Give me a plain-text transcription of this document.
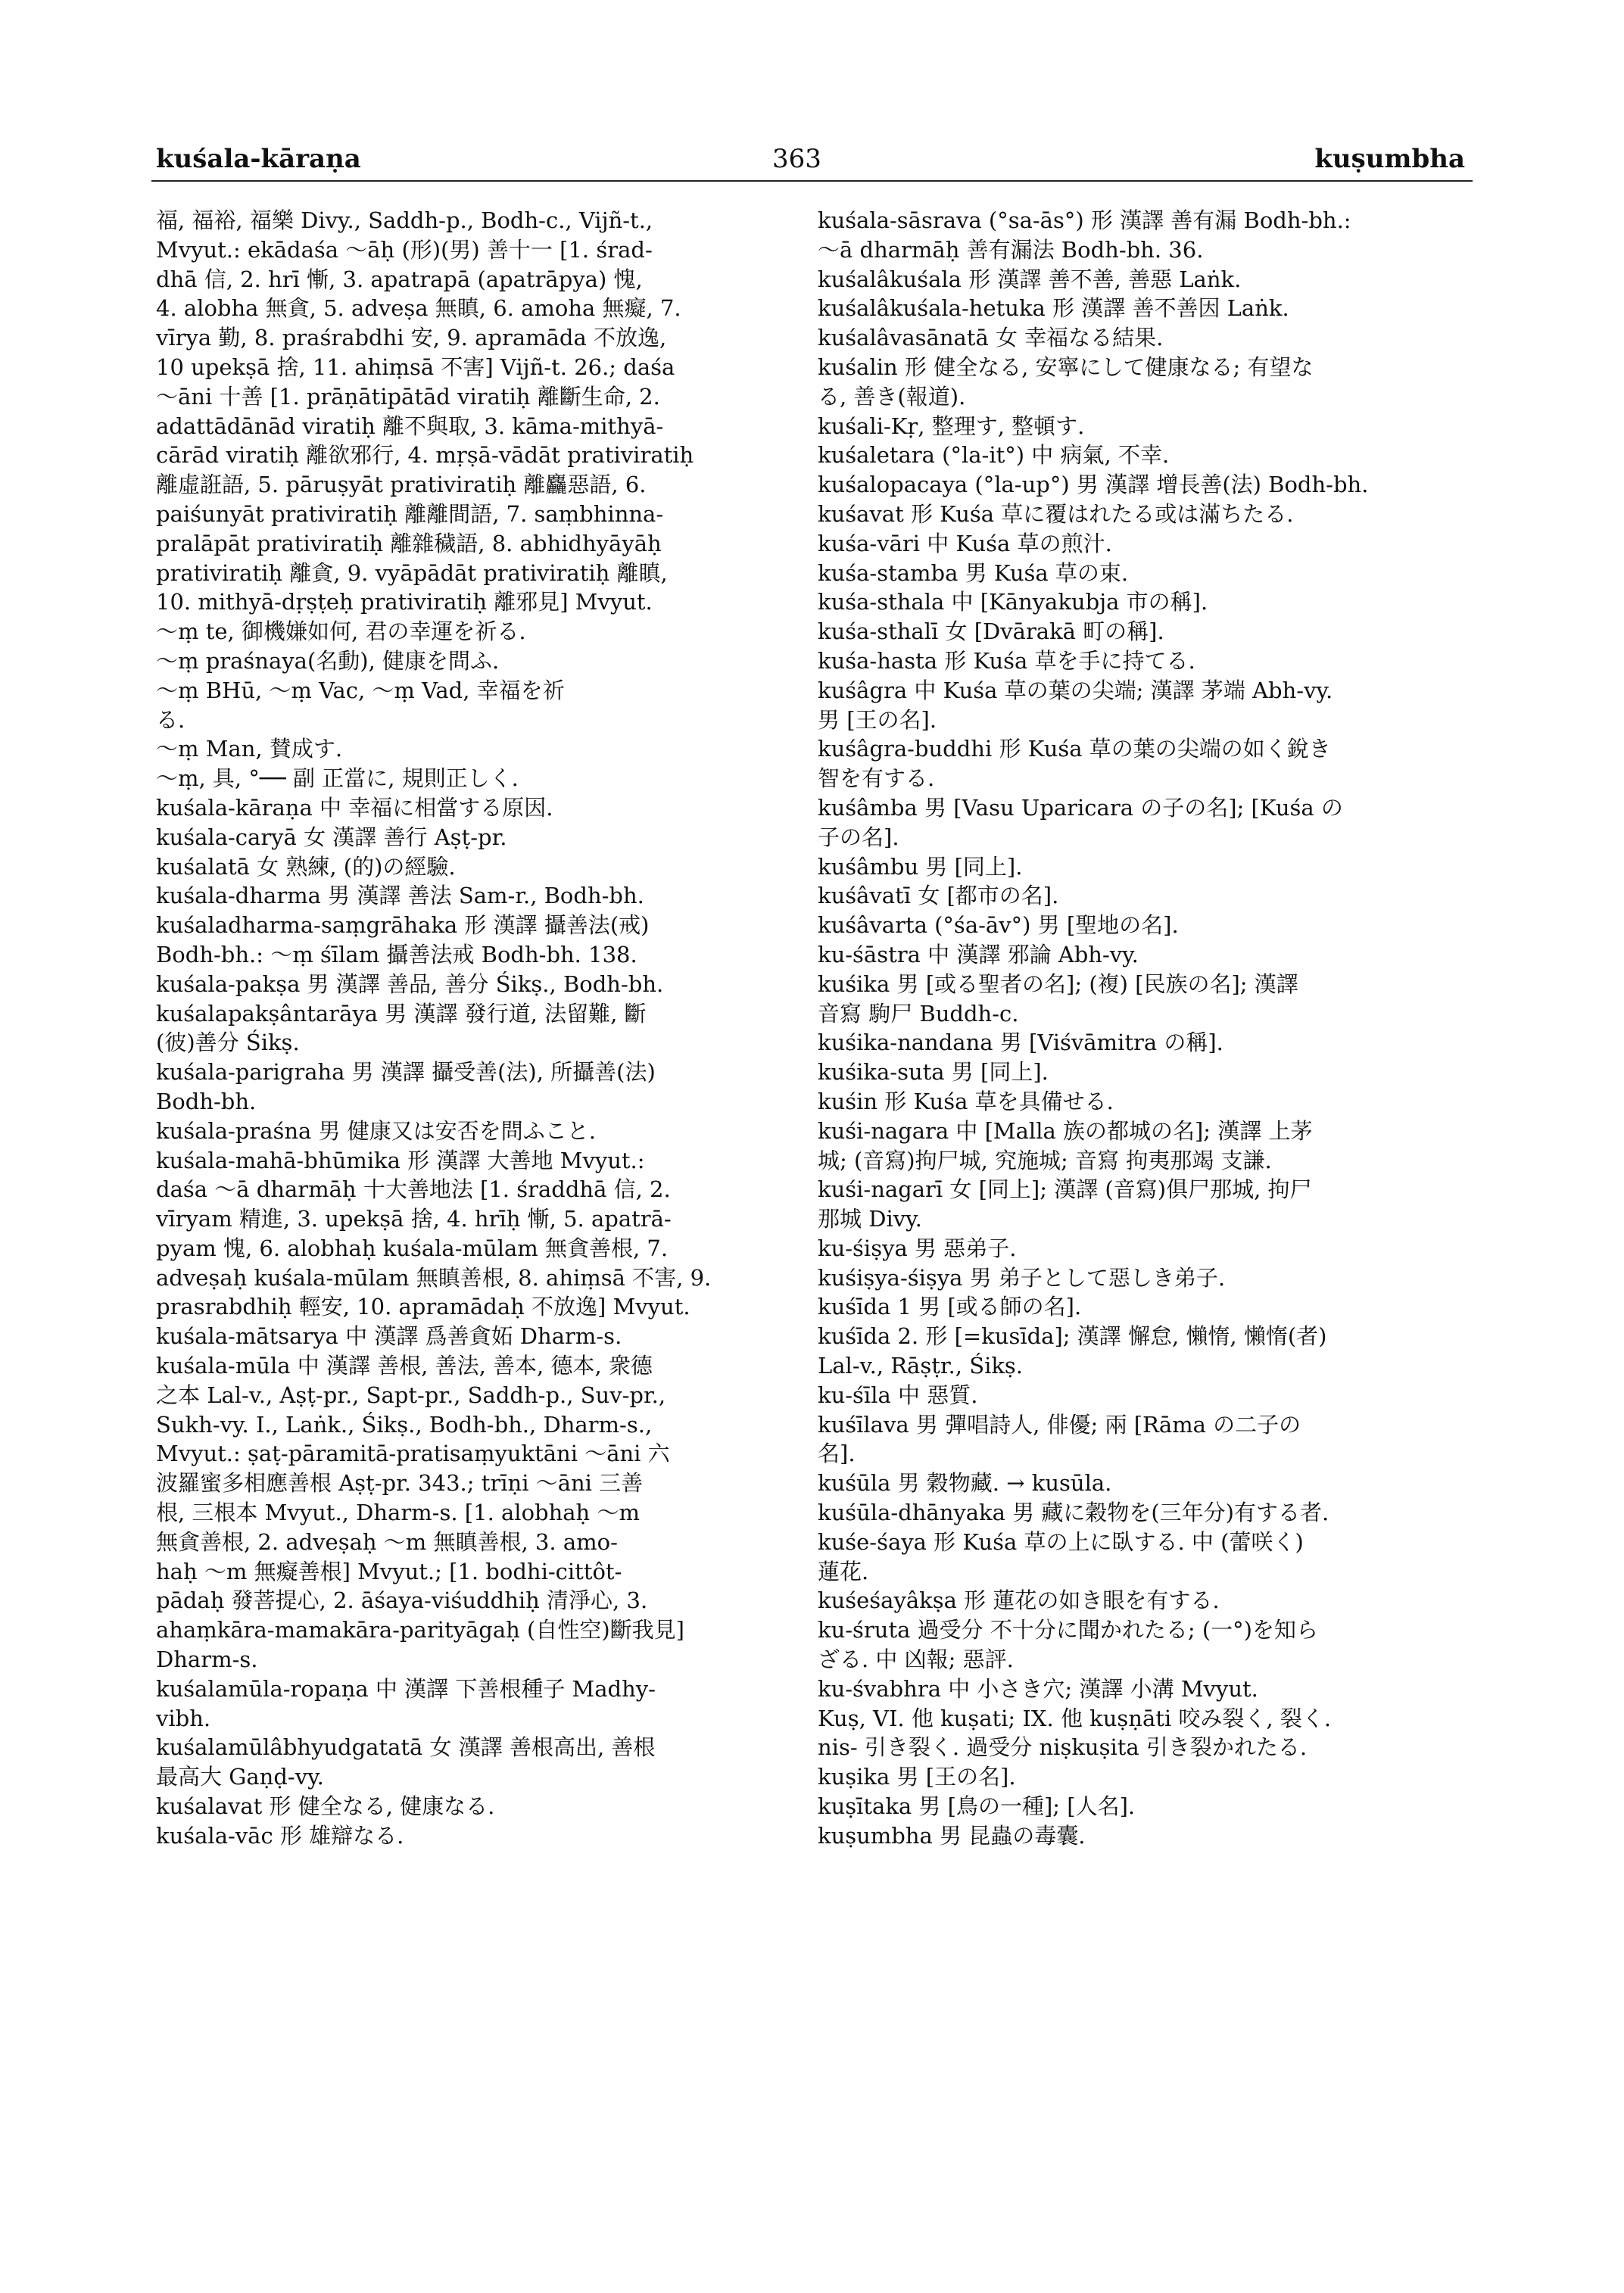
kuśala-kāraṇa	363	kuṣumbha
福, 福裕, 福樂 Divy., Saddh-p., Bodh-c., Vijñ-t.,
Mvyut.: ekādaśa ～āḥ (形)(男) 善十一 [1. śrad-
dhā 信, 2. hrī 慚, 3. apatrapā (apatrāpya) 愧,
4. alobha 無貪, 5. adveṣa 無瞋, 6. amoha 無癡, 7.
vīrya 勤, 8. praśrabdhi 安, 9. apramāda 不放逸,
10 upekṣā 捨, 11. ahiṃsā 不害] Vijñ-t. 26.; daśa
～āni 十善 [1. prāṇātipātād viratiḥ 離斷生命, 2.
adattādānād viratiḥ 離不與取, 3. kāma-mithyā-
cārād viratiḥ 離欲邪行, 4. mṛṣā-vādāt prativiratiḥ
離虛誑語, 5. pāruṣyāt prativiratiḥ 離麤惡語, 6.
paiśunyāt prativiratiḥ 離離間語, 7. saṃbhinna-
pralāpāt prativiratiḥ 離雜穢語, 8. abhidhyāyāḥ
prativiratiḥ 離貪, 9. vyāpādāt prativiratiḥ 離瞋,
10. mithyā-dṛṣṭeḥ prativiratiḥ 離邪見] Mvyut.
～ṃ te, 御機嫌如何, 君の幸運を祈る.
～ṃ praśnaya(名動), 健康を問ふ.
～ṃ BHū, ～ṃ Vac, ～ṃ Vad, 幸福を祈
る.
～ṃ Man, 賛成す.
～ṃ, 具, °── 副 正當に, 規則正しく.
kuśala-kāraṇa 中 幸福に相當する原因.
kuśala-caryā 女 漢譯 善行 Aṣṭ-pr.
kuśalatā 女 熟練, (的)の經驗.
kuśala-dharma 男 漢譯 善法 Sam-r., Bodh-bh.
kuśaladharma-saṃgrāhaka 形 漢譯 攝善法(戒)
Bodh-bh.: ～ṃ śīlam 攝善法戒 Bodh-bh. 138.
kuśala-pakṣa 男 漢譯 善品, 善分 Śikṣ., Bodh-bh.
kuśalapakṣântarāya 男 漢譯 發行道, 法留難, 斷
(彼)善分 Śikṣ.
kuśala-parigraha 男 漢譯 攝受善(法), 所攝善(法)
Bodh-bh.
kuśala-praśna 男 健康又は安否を問ふこと.
kuśala-mahā-bhūmika 形 漢譯 大善地 Mvyut.:
daśa ～ā dharmāḥ 十大善地法 [1. śraddhā 信, 2.
vīryam 精進, 3. upekṣā 捨, 4. hrīḥ 慚, 5. apatrā-
pyam 愧, 6. alobhaḥ kuśala-mūlam 無貪善根, 7.
adveṣaḥ kuśala-mūlam 無瞋善根, 8. ahiṃsā 不害, 9.
prasrabdhiḥ 輕安, 10. apramādaḥ 不放逸] Mvyut.
kuśala-mātsarya 中 漢譯 爲善貪妬 Dharm-s.
kuśala-mūla 中 漢譯 善根, 善法, 善本, 德本, 衆德
之本 Lal-v., Aṣṭ-pr., Sapt-pr., Saddh-p., Suv-pr.,
Sukh-vy. I., Laṅk., Śikṣ., Bodh-bh., Dharm-s.,
Mvyut.: ṣaṭ-pāramitā-pratisaṃyuktāni ～āni 六
波羅蜜多相應善根 Aṣṭ-pr. 343.; trīṇi ～āni 三善
根, 三根本 Mvyut., Dharm-s. [1. alobhaḥ ～m
無貪善根, 2. adveṣaḥ ～m 無瞋善根, 3. amo-
haḥ ～m 無癡善根] Mvyut.; [1. bodhi-cittôt-
pādaḥ 發菩提心, 2. āśaya-viśuddhiḥ 清淨心, 3.
ahaṃkāra-mamakāra-parityāgaḥ (自性空)斷我見]
Dharm-s.
kuśalamūla-ropaṇa 中 漢譯 下善根種子 Madhy-
vibh.
kuśalamūlâbhyudgatatā 女 漢譯 善根高出, 善根
最高大 Gaṇḍ-vy.
kuśalavat 形 健全なる, 健康なる.
kuśala-vāc 形 雄辯なる.
kuśala-sāsrava (°sa-ās°) 形 漢譯 善有漏 Bodh-bh.:
～ā dharmāḥ 善有漏法 Bodh-bh. 36.
kuśalâkuśala 形 漢譯 善不善, 善惡 Laṅk.
kuśalâkuśala-hetuka 形 漢譯 善不善因 Laṅk.
kuśalâvasānatā 女 幸福なる結果.
kuśalin 形 健全なる, 安寧にして健康なる; 有望な
る, 善き(報道).
kuśali-Kṛ, 整理す, 整頓す.
kuśaletara (°la-it°) 中 病氣, 不幸.
kuśalopacaya (°la-up°) 男 漢譯 增長善(法) Bodh-bh.
kuśavat 形 Kuśa 草に覆はれたる或は滿ちたる.
kuśa-vāri 中 Kuśa 草の煎汁.
kuśa-stamba 男 Kuśa 草の束.
kuśa-sthala 中 [Kānyakubja 市の稱].
kuśa-sthalī 女 [Dvārakā 町の稱].
kuśa-hasta 形 Kuśa 草を手に持てる.
kuśâgra 中 Kuśa 草の葉の尖端; 漢譯 茅端 Abh-vy.
男 [王の名].
kuśâgra-buddhi 形 Kuśa 草の葉の尖端の如く銳き
智を有する.
kuśâmba 男 [Vasu Uparicara の子の名]; [Kuśa の
子の名].
kuśâmbu 男 [同上].
kuśâvatī 女 [都市の名].
kuśâvarta (°śa-āv°) 男 [聖地の名].
ku-śāstra 中 漢譯 邪論 Abh-vy.
kuśika 男 [或る聖者の名]; (複) [民族の名]; 漢譯
音寫 駒尸 Buddh-c.
kuśika-nandana 男 [Viśvāmitra の稱].
kuśika-suta 男 [同上].
kuśin 形 Kuśa 草を具備せる.
kuśi-nagara 中 [Malla 族の都城の名]; 漢譯 上茅
城; (音寫)拘尸城, 究施城; 音寫 拘夷那竭 支謙.
kuśi-nagarī 女 [同上]; 漢譯 (音寫)俱尸那城, 拘尸
那城 Divy.
ku-śiṣya 男 惡弟子.
kuśiṣya-śiṣya 男 弟子として惡しき弟子.
kuśīda 1 男 [或る師の名].
kuśīda 2. 形 [=kusīda]; 漢譯 懈怠, 懶惰, 懶惰(者)
Lal-v., Rāṣṭr., Śikṣ.
ku-śīla 中 惡質.
kuśīlava 男 彈唱詩人, 俳優; 兩 [Rāma の二子の
名].
kuśūla 男 穀物藏. → kusūla.
kuśūla-dhānyaka 男 藏に穀物を(三年分)有する者.
kuśe-śaya 形 Kuśa 草の上に臥する. 中 (蕾咲く)
蓮花.
kuśeśayâkṣa 形 蓮花の如き眼を有する.
ku-śruta 過受分 不十分に聞かれたる; (一°)を知ら
ざる. 中 凶報; 惡評.
ku-śvabhra 中 小さき穴; 漢譯 小溝 Mvyut.
Kuṣ, VI. 他 kuṣati; IX. 他 kuṣṇāti 咬み裂く, 裂く.
nis- 引き裂く. 過受分 niṣkuṣita 引き裂かれたる.
kuṣika 男 [王の名].
kuṣītaka 男 [鳥の一種]; [人名].
kuṣumbha 男 昆蟲の毒囊.
